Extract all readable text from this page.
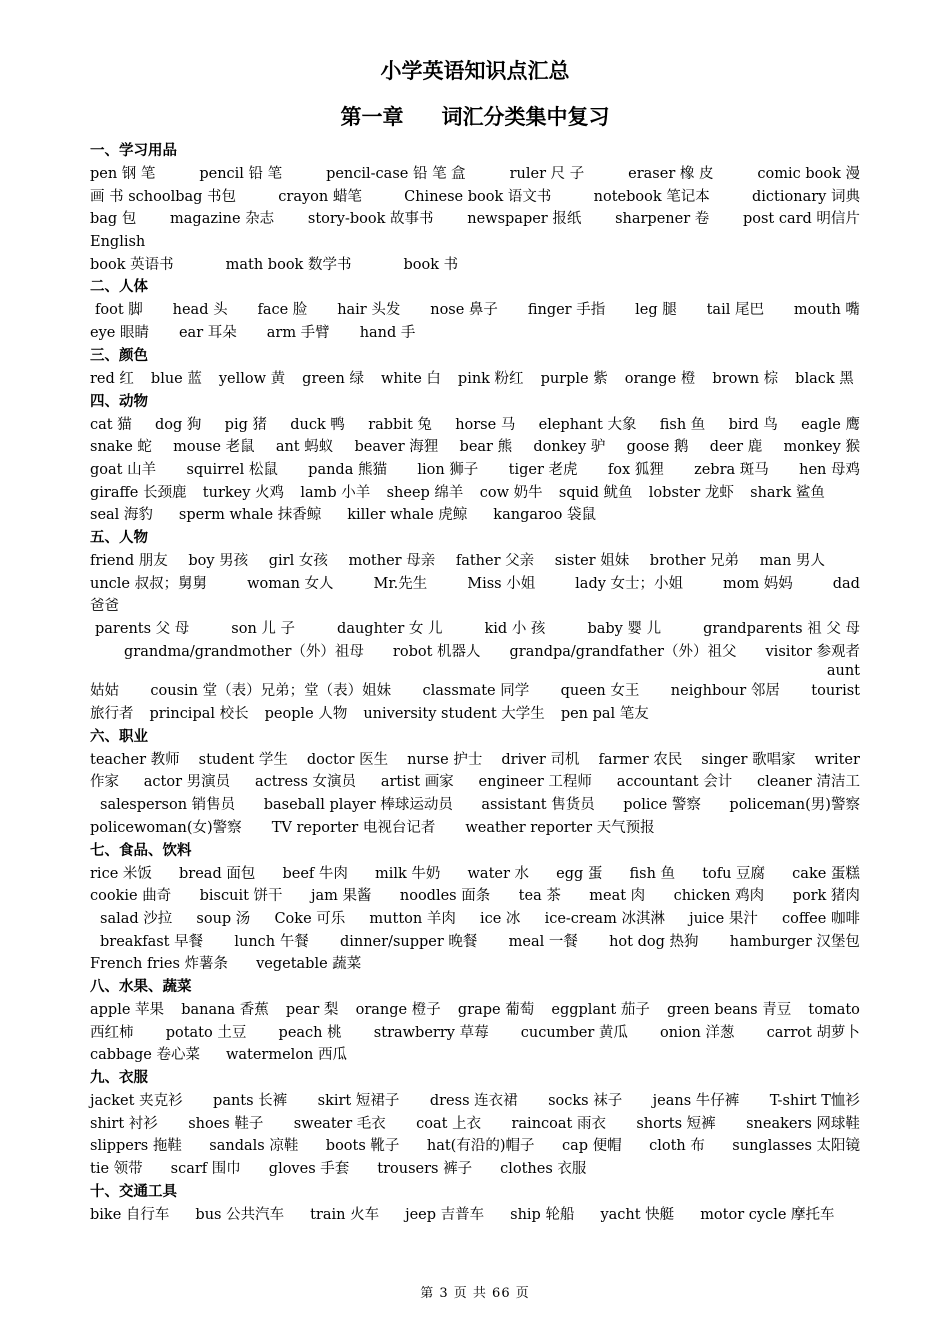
小学英语知识点汇总
第一章 词汇分类集中复习
一、学习用品
pen 钢 笔	pencil 铅 笔	pencil-case 铅 笔 盒	ruler 尺 子	eraser 橡 皮	comic book 漫
画 书 schoolbag 书包	crayon 蜡笔	Chinese book 语文书	notebook 笔记本	dictionary 词典
bag 包 magazine 杂志 story-book 故事书 newspaper 报纸 sharpener 卷 post card 明信片
English
book 英语书	math book 数学书	book 书
二、人体
foot 脚 head 头 face 脸 hair 头发 nose 鼻子 finger 手指 leg 腿 tail 尾巴 mouth 嘴
eye 眼睛 ear 耳朵 arm 手臂 hand 手
三、颜色
red 红 blue 蓝 yellow 黄 green 绿 white 白 pink 粉红 purple 紫 orange 橙 brown 棕 black 黑
四、动物
cat 猫 dog 狗 pig 猪 duck 鸭 rabbit 兔 horse 马 elephant 大象 fish 鱼 bird 鸟 eagle 鹰
snake 蛇 mouse 老鼠 ant 蚂蚁 beaver 海狸 bear 熊 donkey 驴 goose 鹅 deer 鹿 monkey 猴
goat 山羊 squirrel 松鼠 panda 熊猫 lion 狮子 tiger 老虎 fox 狐狸 zebra 斑马 hen 母鸡
giraffe 长颈鹿 turkey 火鸡 lamb 小羊 sheep 绵羊 cow 奶牛 squid 鱿鱼 lobster 龙虾 shark 鲨鱼
seal 海豹 sperm whale 抹香鲸 killer whale 虎鲸 kangaroo 袋鼠
五、人物
friend 朋友 boy 男孩 girl 女孩 mother 母亲 father 父亲 sister 姐妹 brother 兄弟 man 男人
uncle 叔叔；舅舅	woman 女人	Mr.先生	Miss 小姐	lady 女士；小姐	mom 妈妈	dad
爸爸
parents 父 母	son 儿 子	daughter 女 儿	kid 小 孩	baby 婴 儿	grandparents 祖 父 母
grandma/grandmother（外）祖母 robot 机器人 grandpa/grandfather（外）祖父 visitor 参观者
aunt
姑姑 cousin 堂（表）兄弟；堂（表）姐妹 classmate 同学 queen 女王 neighbour 邻居 tourist
旅行者 principal 校长 people 人物 university student 大学生 pen pal 笔友
六、职业
teacher 教师 student 学生 doctor 医生 nurse 护士 driver 司机 farmer 农民 singer 歌唱家 writer
作家 actor 男演员 actress 女演员 artist 画家 engineer 工程师 accountant 会计 cleaner 清洁工
salesperson 销售员 baseball player 棒球运动员 assistant 售货员 police 警察 policeman(男)警察
policewoman(女)警察 TV reporter 电视台记者 weather reporter 天气预报
七、食品、饮料
rice 米饭 bread 面包 beef 牛肉 milk 牛奶 water 水 egg 蛋 fish 鱼 tofu 豆腐 cake 蛋糕
cookie 曲奇 biscuit 饼干 jam 果酱 noodles 面条 tea 茶 meat 肉 chicken 鸡肉 pork 猪肉
salad 沙拉 soup 汤 Coke 可乐 mutton 羊肉 ice 冰 ice-cream 冰淇淋 juice 果汁 coffee 咖啡
breakfast 早餐 lunch 午餐 dinner/supper 晚餐 meal 一餐 hot dog 热狗 hamburger 汉堡包
French fries 炸薯条 vegetable 蔬菜
八、水果、蔬菜
apple 苹果 banana 香蕉 pear 梨 orange 橙子 grape 葡萄 eggplant 茄子 green beans 青豆 tomato
西红柿 potato 土豆 peach 桃 strawberry 草莓 cucumber 黄瓜 onion 洋葱 carrot 胡萝卜
cabbage 卷心菜 watermelon 西瓜
九、衣服
jacket 夹克衫 pants 长裤 skirt 短裙子 dress 连衣裙 socks 袜子 jeans 牛仔裤 T-shirt T恤衫
shirt 衬衫 shoes 鞋子 sweater 毛衣 coat 上衣 raincoat 雨衣 shorts 短裤 sneakers 网球鞋
slippers 拖鞋 sandals 凉鞋 boots 靴子 hat(有沿的)帽子 cap 便帽 cloth 布 sunglasses 太阳镜
tie 领带 scarf 围巾 gloves 手套 trousers 裤子 clothes 衣服
十、交通工具
bike 自行车 bus 公共汽车 train 火车 jeep 吉普车 ship 轮船 yacht 快艇 motor cycle 摩托车
第 3 页 共 66 页
